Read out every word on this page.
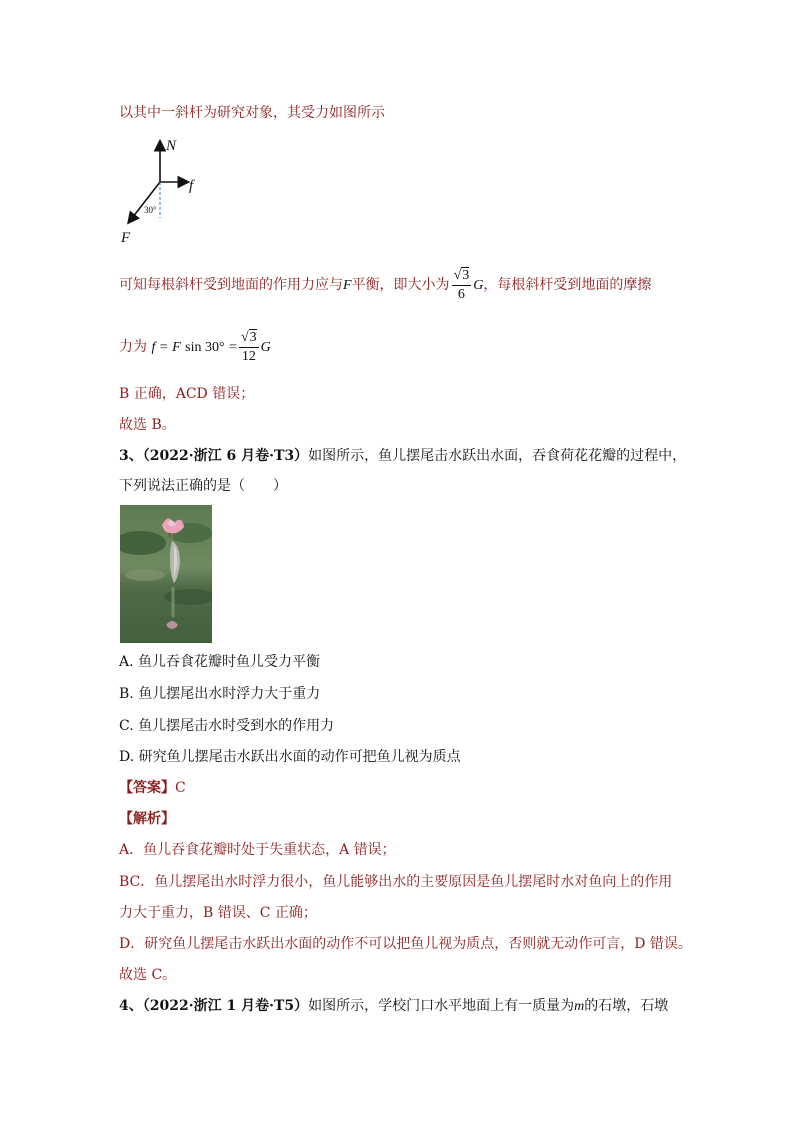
以其中一斜杆为研究对象，其受力如图所示
N
f
F
30°
可知每根斜杆受到地面的作用力应与F平衡，即大小为 $\frac{√3}{6}$ G，每根斜杆受到地面的摩擦
力为 f = F $\sin 30^\circ = \frac{√3}{12}$ G
B 正确，ACD 错误；
故选 B。
3、（2022·浙江 6 月卷·T3）如图所示，鱼儿摆尾击水跃出水面，吞食荷花花瓣的过程中，
下列说法正确的是（　　）
A. 鱼儿吞食花瓣时鱼儿受力平衡
B. 鱼儿摆尾出水时浮力大于重力
C. 鱼儿摆尾击水时受到水的作用力
D. 研究鱼儿摆尾击水跃出水面的动作可把鱼儿视为质点
【答案】C
【解析】
A．鱼儿吞食花瓣时处于失重状态，A 错误；
BC．鱼儿摆尾出水时浮力很小，鱼儿能够出水的主要原因是鱼儿摆尾时水对鱼向上的作用
力大于重力，B 错误、C 正确；
D．研究鱼儿摆尾击水跃出水面的动作不可以把鱼儿视为质点，否则就无动作可言，D 错误。
故选 C。
4、（2022·浙江 1 月卷·T5）如图所示，学校门口水平地面上有一质量为m的石墩，石墩
